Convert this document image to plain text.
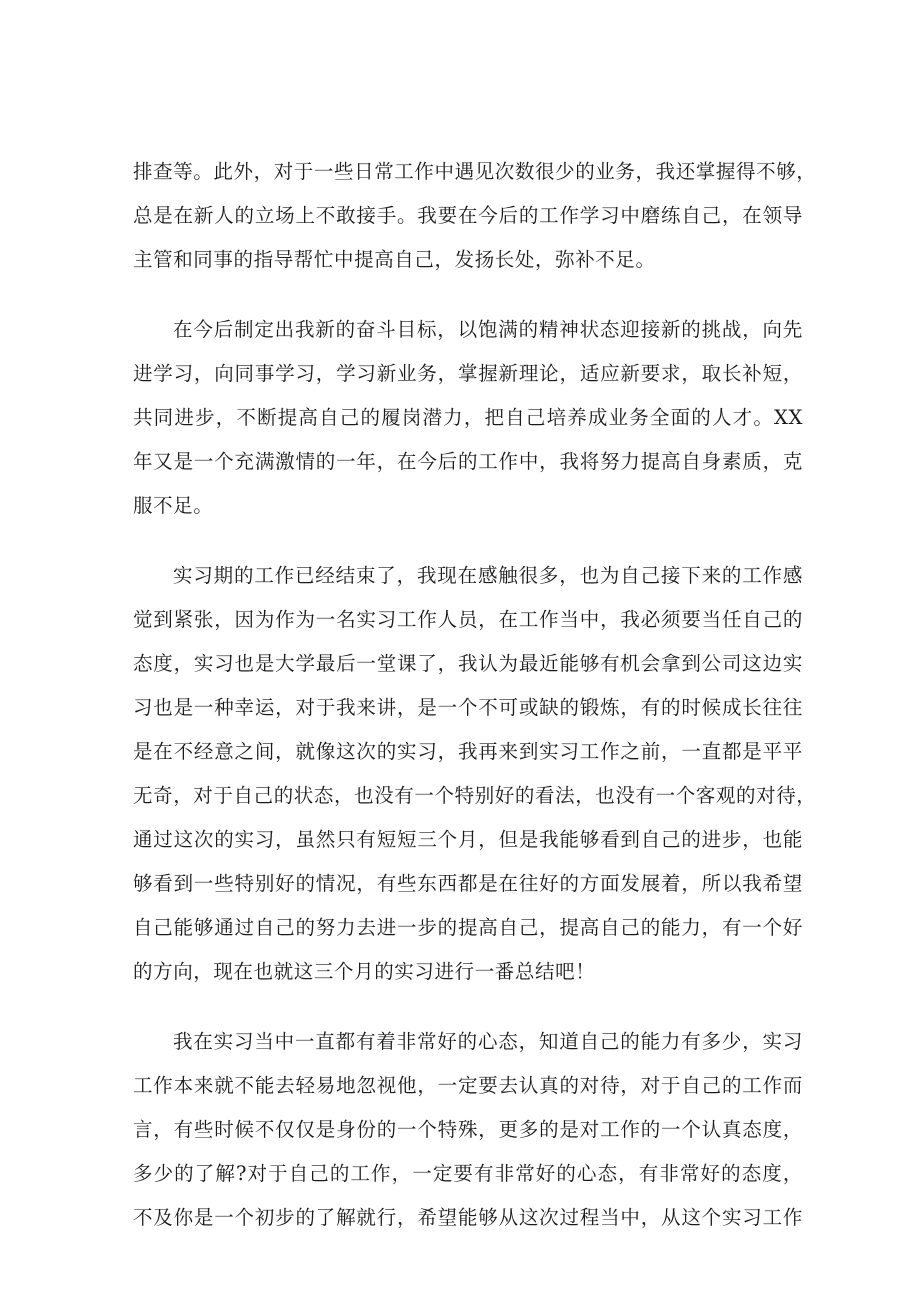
排查等。此外，对于一些日常工作中遇见次数很少的业务，我还掌握得不够，
总是在新人的立场上不敢接手。我要在今后的工作学习中磨练自己，在领导
主管和同事的指导帮忙中提高自己，发扬长处，弥补不足。
在今后制定出我新的奋斗目标，以饱满的精神状态迎接新的挑战，向先
进学习，向同事学习，学习新业务，掌握新理论，适应新要求，取长补短，
共同进步，不断提高自己的履岗潜力，把自己培养成业务全面的人才。XX
年又是一个充满激情的一年，在今后的工作中，我将努力提高自身素质，克
服不足。
实习期的工作已经结束了，我现在感触很多，也为自己接下来的工作感
觉到紧张，因为作为一名实习工作人员，在工作当中，我必须要当任自己的
态度，实习也是大学最后一堂课了，我认为最近能够有机会拿到公司这边实
习也是一种幸运，对于我来讲，是一个不可或缺的锻炼，有的时候成长往往
是在不经意之间，就像这次的实习，我再来到实习工作之前，一直都是平平
无奇，对于自己的状态，也没有一个特别好的看法，也没有一个客观的对待，
通过这次的实习，虽然只有短短三个月，但是我能够看到自己的进步，也能
够看到一些特别好的情况，有些东西都是在往好的方面发展着，所以我希望
自己能够通过自己的努力去进一步的提高自己，提高自己的能力，有一个好
的方向，现在也就这三个月的实习进行一番总结吧！
我在实习当中一直都有着非常好的心态，知道自己的能力有多少，实习
工作本来就不能去轻易地忽视他，一定要去认真的对待，对于自己的工作而
言，有些时候不仅仅是身份的一个特殊，更多的是对工作的一个认真态度，
多少的了解?对于自己的工作，一定要有非常好的心态，有非常好的态度，
不及你是一个初步的了解就行，希望能够从这次过程当中，从这个实习工作
